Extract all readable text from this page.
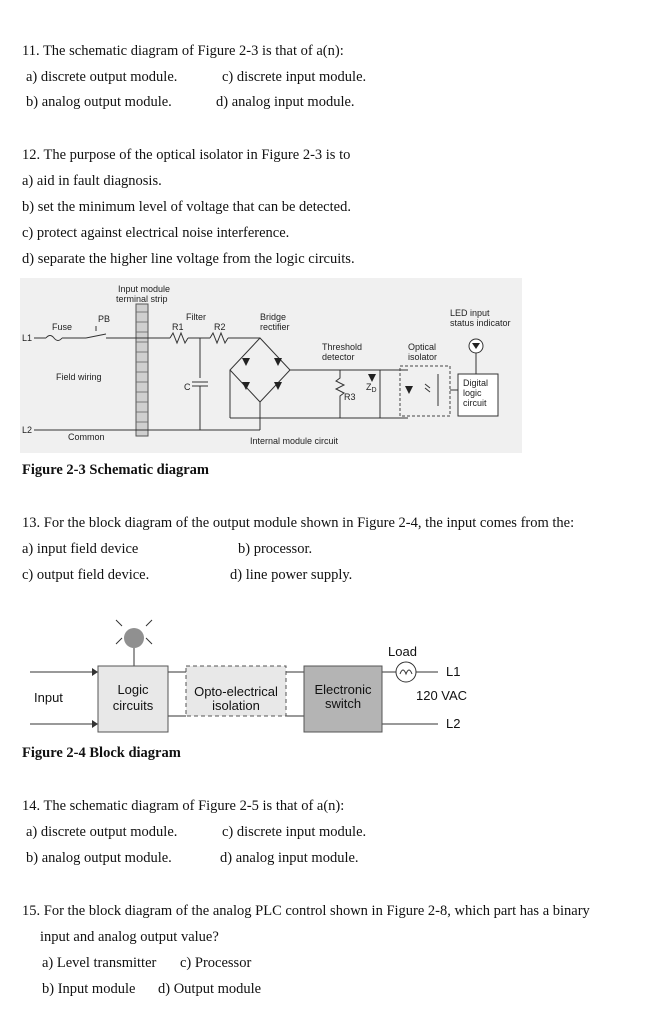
11. The schematic diagram of Figure 2-3 is that of a(n):
a) discrete output module.	c) discrete input module.
b) analog output module.	d) analog input module.
12. The purpose of the optical isolator in Figure 2-3 is to
a) aid in fault diagnosis.
b) set the minimum level of voltage that can be detected.
c) protect against electrical noise interference.
d) separate the higher line voltage from the logic circuits.
Input module
terminal strip
PB
Fuse
L1
L2
Filter
R1	R2
Bridge
rectifier
C
Field wiring
Common
Threshold
detector
R3
$Z_D$
Optical
isolator
LED input
status indicator
Digital
logic
circuit
Internal module circuit
Figure 2-3 Schematic diagram
13. For the block diagram of the output module shown in Figure 2-4, the input comes from the:
a) input field device	b) processor.
c) output field device.	d) line power supply.
Input
Logic
circuits
Opto-electrical
isolation
Electronic
switch
Load
L1
120 VAC
L2
Figure 2-4 Block diagram
14. The schematic diagram of Figure 2-5 is that of a(n):
a) discrete output module.	c) discrete input module.
b) analog output module.	d) analog input module.
15. For the block diagram of the analog PLC control shown in Figure 2-8, which part has a binary
input and analog output value?
a) Level transmitter c) Processor
b) Input module d) Output module
